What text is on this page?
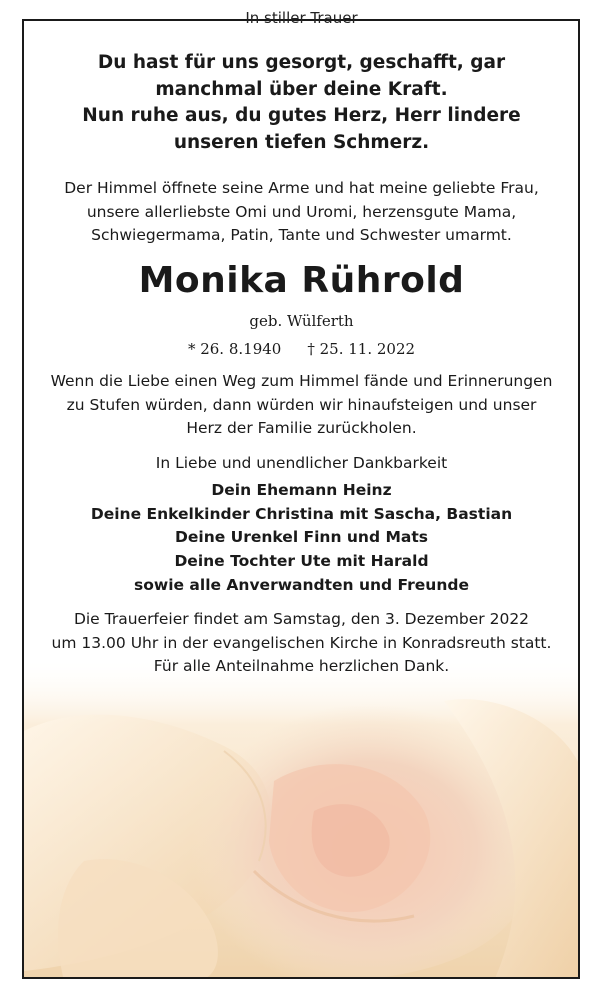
In stiller Trauer
Du hast für uns gesorgt, geschafft, gar
manchmal über deine Kraft.
Nun ruhe aus, du gutes Herz, Herr lindere
unseren tiefen Schmerz.
Der Himmel öffnete seine Arme und hat meine geliebte Frau,
unsere allerliebste Omi und Uromi, herzensgute Mama,
Schwiegermama, Patin, Tante und Schwester umarmt.
Monika Rührold
geb. Wülferth
* 26. 8.1940 † 25. 11. 2022
Wenn die Liebe einen Weg zum Himmel fände und Erinnerungen
zu Stufen würden, dann würden wir hinaufsteigen und unser
Herz der Familie zurückholen.
In Liebe und unendlicher Dankbarkeit
Dein Ehemann Heinz
Deine Enkelkinder Christina mit Sascha, Bastian
Deine Urenkel Finn und Mats
Deine Tochter Ute mit Harald
sowie alle Anverwandten und Freunde
Die Trauerfeier findet am Samstag, den 3. Dezember 2022
um 13.00 Uhr in der evangelischen Kirche in Konradsreuth statt.
Für alle Anteilnahme herzlichen Dank.
